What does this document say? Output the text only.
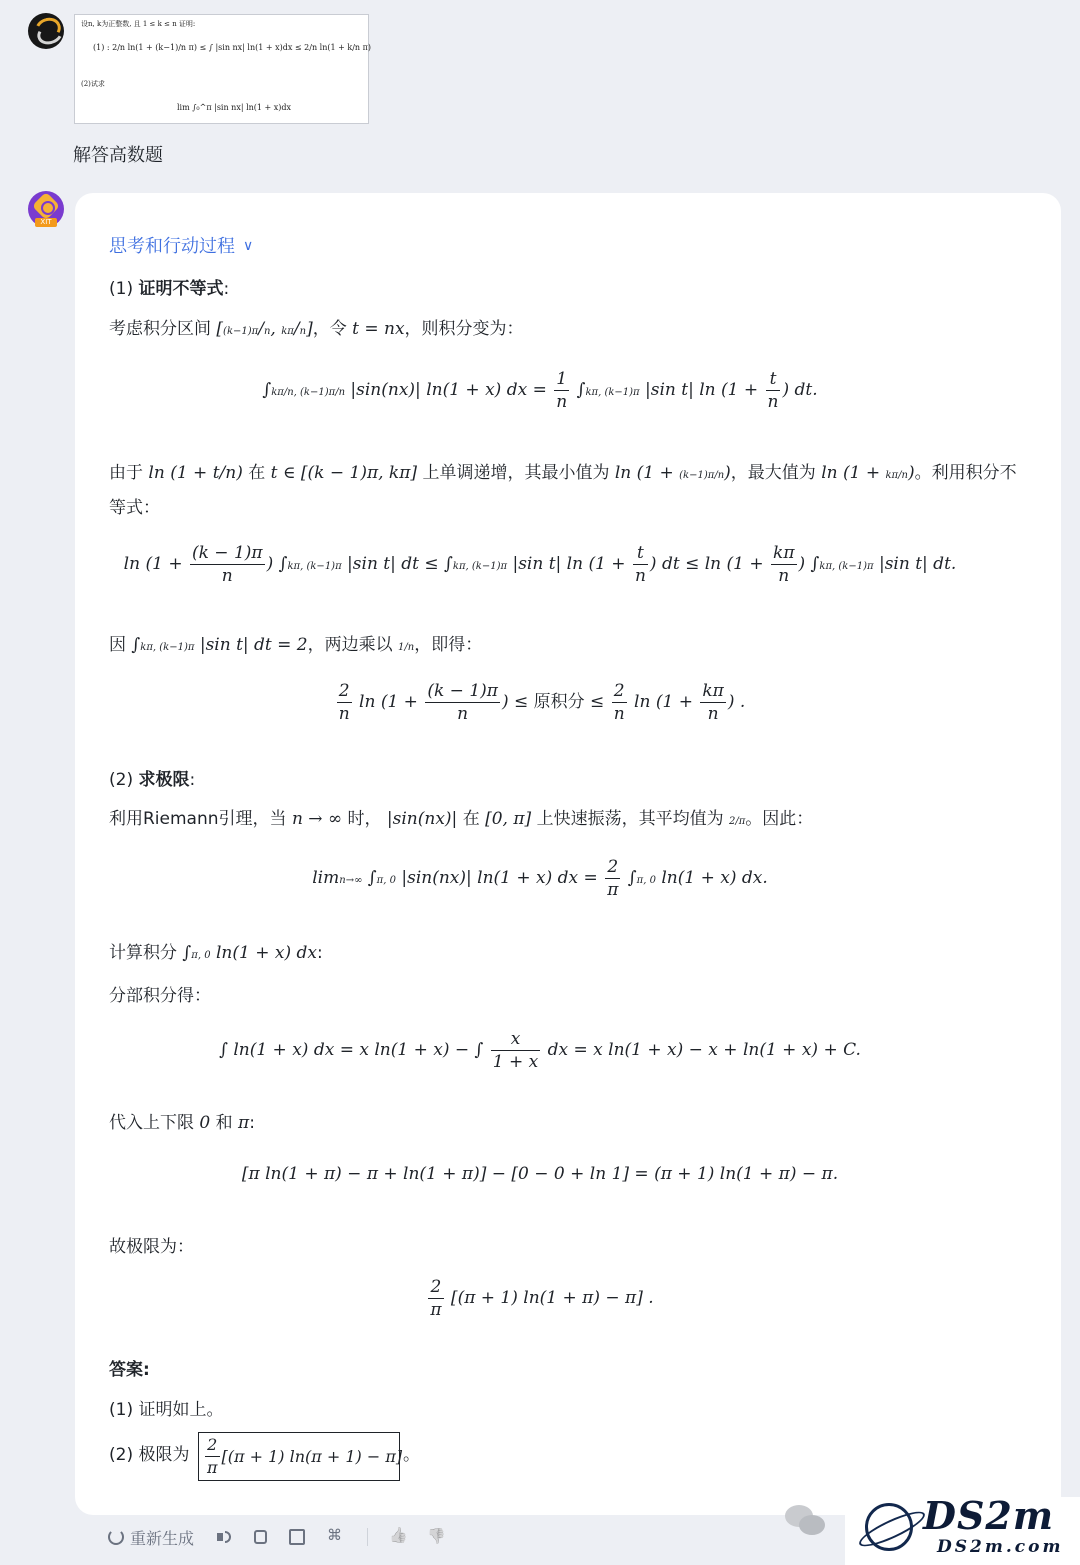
设n, k为正整数, 且 1 ≤ k ≤ n 证明:
(1) : 2/n ln(1 + (k−1)/n π) ≤ ∫ |sin nx| ln(1 + x)dx ≤ 2/n ln(1 + k/n π)
(2)试求
lim ∫₀^π |sin nx| ln(1 + x)dx
解答高数题
XIT
思考和行动过程 ∨
(1) 证明不等式:
考虑积分区间 [(k−1)π/n, kπ/n]，令 t = nx，则积分变为：
∫kπ/n, (k−1)π/n |sin(nx)| ln(1 + x) dx = $\frac{1}{n} \int k\pi$, (k−1)π |sin t| $\ln (1 + \frac{t}{n}$ ) dt.
由于 ln (1 + t/n) 在 t ∈ [(k − 1)π, kπ] 上单调递增，其最小值为 ln (1 + (k−1)π/n)，最大值为 ln (1 + kπ/n)。利用积分不
等式：
$\ln (1 + \frac{(k - 1)\pi}{n}$ ) ∫kπ, (k−1)π |sin t| dt ≤ ∫kπ, (k−1)π |sin t| $\ln (1 + \frac{t}{n}$ ) dt ≤ $\ln (1 + \frac{k\pi}{n}$ ) ∫kπ, (k−1)π |sin t| dt.
因 ∫kπ, (k−1)π |sin t| dt = 2，两边乘以 1/n，即得：
$\frac{2}{n}$ $\ln (1 + \frac{(k - 1)\pi}{n}$ ) ≤ 原积分 ≤ $\frac{2}{n}$ $\ln (1 + \frac{k\pi}{n}$ ) .
(2) 求极限:
利用Riemann引理，当 n → ∞ 时， |sin(nx)| 在 [0, π] 上快速振荡，其平均值为 2/π。因此：
limn→∞ ∫π, 0 |sin(nx)| ln(1 + x) dx = $\frac{2}{\pi} \int\pi$, 0 ln(1 + x) dx.
计算积分 ∫π, 0 ln(1 + x) dx:
分部积分得：
∫ ln(1 + x) dx = x ln(1 + x) − ∫ $\frac{x}{1 + x}$ dx = x ln(1 + x) − x + ln(1 + x) + C.
代入上下限 0 和 π:
[π ln(1 + π) − π + ln(1 + π)] − [0 − 0 + ln 1] = (π + 1) ln(1 + π) − π.
故极限为：
$\frac{2}{\pi} [(\pi + 1) \ln(1 + \pi) - \pi]$ .
答案:
(1) 证明如上。
(2) 极限为 $\frac{2}{\pi} [(\pi + 1) \ln(\pi + 1) - \pi]$ 。
重新生成 ⌘ 👍 👎	DS2m
DS2m.com
